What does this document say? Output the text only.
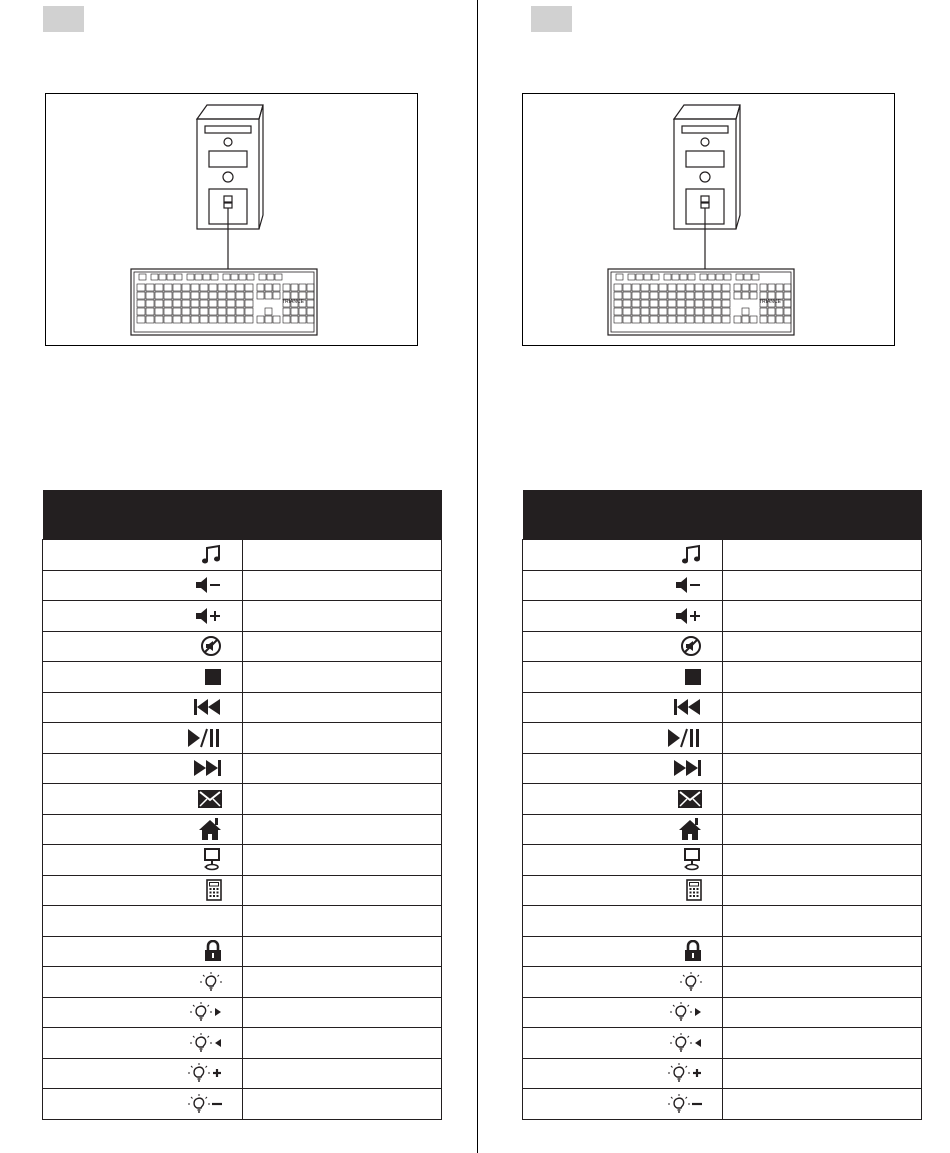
TRIANCE

		TRIANCE
